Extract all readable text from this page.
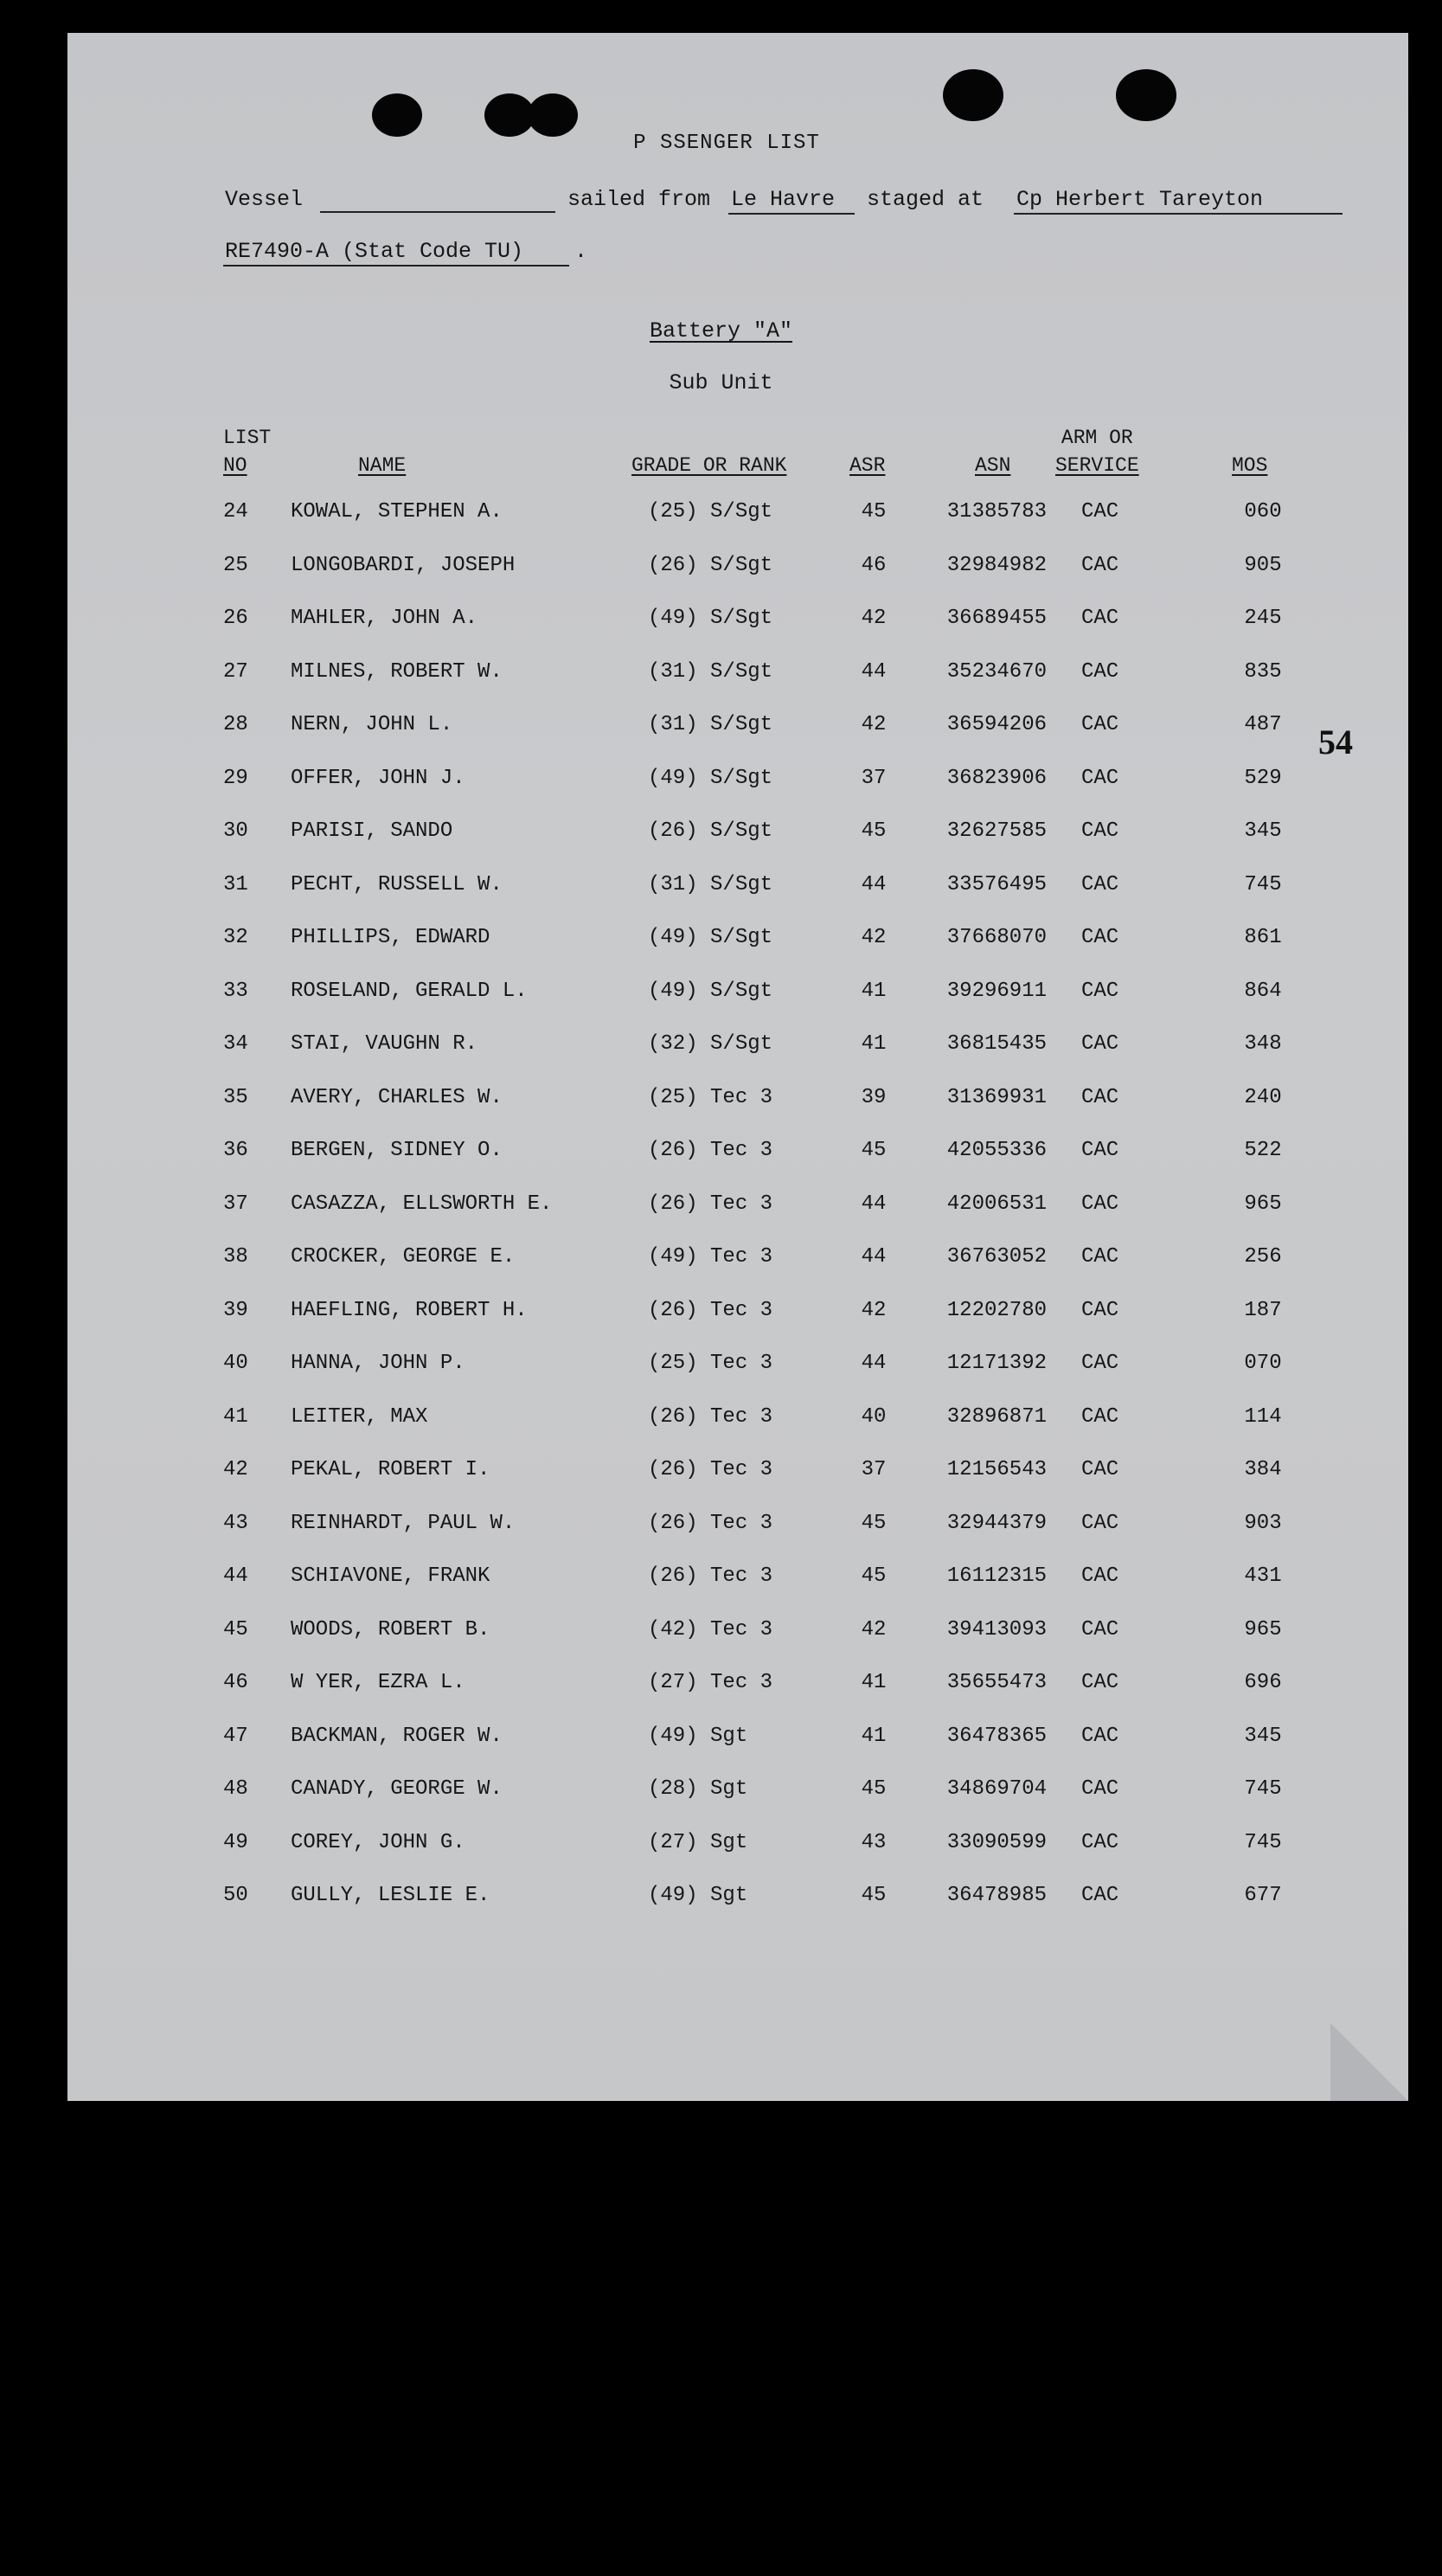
P SSENGER LIST
Vessel	sailed from Le Havre staged at Cp Herbert Tareyton
RE7490-A (Stat Code TU) .
Battery "A"
Sub Unit
LIST
NO	NAME	GRADE OR RANK	ASR	ASN
ARM OR
SERVICE	MOS
54
24 KOWAL, STEPHEN A.	(25) S/Sgt	45	31385783 CAC	060
25 LONGOBARDI, JOSEPH	(26) S/Sgt	46	32984982 CAC	905
26 MAHLER, JOHN A.	(49) S/Sgt	42	36689455 CAC	245
27 MILNES, ROBERT W.	(31) S/Sgt	44	35234670 CAC	835
28 NERN, JOHN L.	(31) S/Sgt	42	36594206 CAC	487
29 OFFER, JOHN J.	(49) S/Sgt	37	36823906 CAC	529
30 PARISI, SANDO	(26) S/Sgt	45	32627585 CAC	345
31 PECHT, RUSSELL W.	(31) S/Sgt	44	33576495 CAC	745
32 PHILLIPS, EDWARD	(49) S/Sgt	42	37668070 CAC	861
33 ROSELAND, GERALD L.	(49) S/Sgt	41	39296911 CAC	864
34 STAI, VAUGHN R.	(32) S/Sgt	41	36815435 CAC	348
35 AVERY, CHARLES W.	(25) Tec 3	39	31369931 CAC	240
36 BERGEN, SIDNEY O.	(26) Tec 3	45	42055336 CAC	522
37 CASAZZA, ELLSWORTH E.	(26) Tec 3	44	42006531 CAC	965
38 CROCKER, GEORGE E.	(49) Tec 3	44	36763052 CAC	256
39 HAEFLING, ROBERT H.	(26) Tec 3	42	12202780 CAC	187
40 HANNA, JOHN P.	(25) Tec 3	44	12171392 CAC	070
41 LEITER, MAX	(26) Tec 3	40	32896871 CAC	114
42 PEKAL, ROBERT I.	(26) Tec 3	37	12156543 CAC	384
43 REINHARDT, PAUL W.	(26) Tec 3	45	32944379 CAC	903
44 SCHIAVONE, FRANK	(26) Tec 3	45	16112315 CAC	431
45 WOODS, ROBERT B.	(42) Tec 3	42	39413093 CAC	965
46 W YER, EZRA L.	(27) Tec 3	41	35655473 CAC	696
47 BACKMAN, ROGER W.	(49) Sgt	41	36478365 CAC	345
48 CANADY, GEORGE W.	(28) Sgt	45	34869704 CAC	745
49 COREY, JOHN G.	(27) Sgt	43	33090599 CAC	745
50 GULLY, LESLIE E.	(49) Sgt	45	36478985 CAC	677
